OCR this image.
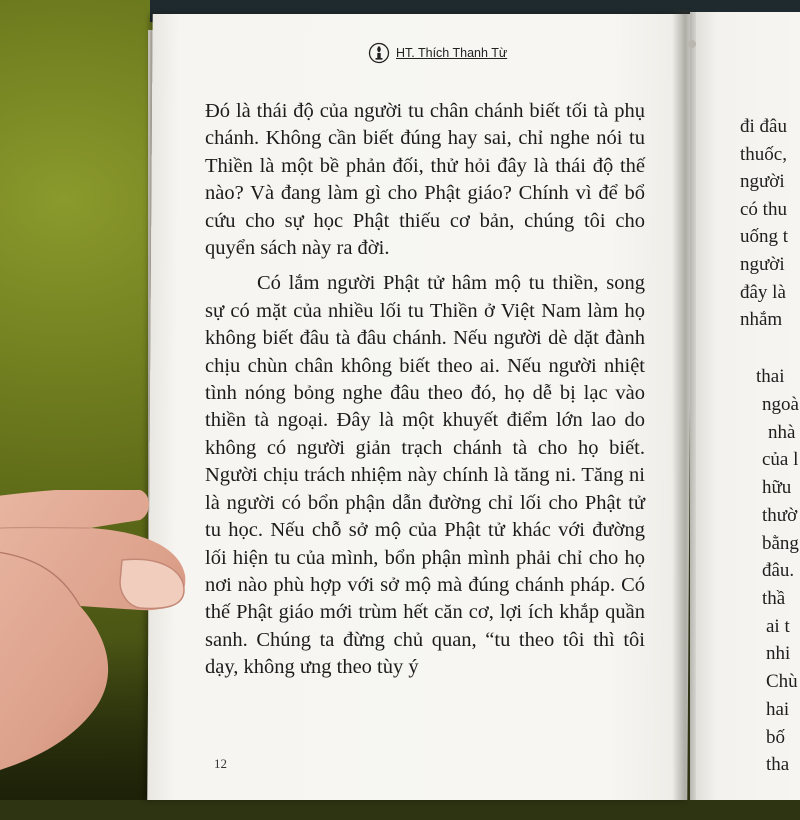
HT. Thích Thanh Từ

Đó là thái độ của người tu chân chánh biết tối tà phụ chánh. Không cần biết đúng hay sai, chỉ nghe nói tu Thiền là một bề phản đối, thử hỏi đây là thái độ thế nào? Và đang làm gì cho Phật giáo? Chính vì để bổ cứu cho sự học Phật thiếu cơ bản, chúng tôi cho quyển sách này ra đời.

Có lắm người Phật tử hâm mộ tu thiền, song sự có mặt của nhiều lối tu Thiền ở Việt Nam làm họ không biết đâu tà đâu chánh. Nếu người dè dặt đành chịu chùn chân không biết theo ai. Nếu người nhiệt tình nóng bỏng nghe đâu theo đó, họ dễ bị lạc vào thiền tà ngoại. Đây là một khuyết điểm lớn lao do không có người giản trạch chánh tà cho họ biết. Người chịu trách nhiệm này chính là tăng ni. Tăng ni là người có bổn phận dẫn đường chỉ lối cho Phật tử tu học. Nếu chỗ sở mộ của Phật tử khác với đường lối hiện tu của mình, bổn phận mình phải chỉ cho họ nơi nào phù hợp với sở mộ mà đúng chánh pháp. Có thế Phật giáo mới trùm hết căn cơ, lợi ích khắp quần sanh. Chúng ta đừng chủ quan, “tu theo tôi thì tôi dạy, không ưng theo tùy ý

12
đi đâu
thuốc,
người
có thu
uống t
người
đây là
nhắm
thai
ngoà
nhà
của l
hữu
thườ
bằng
đâu.
thầ
ai t
nhi
Chù
hai
bố
tha
